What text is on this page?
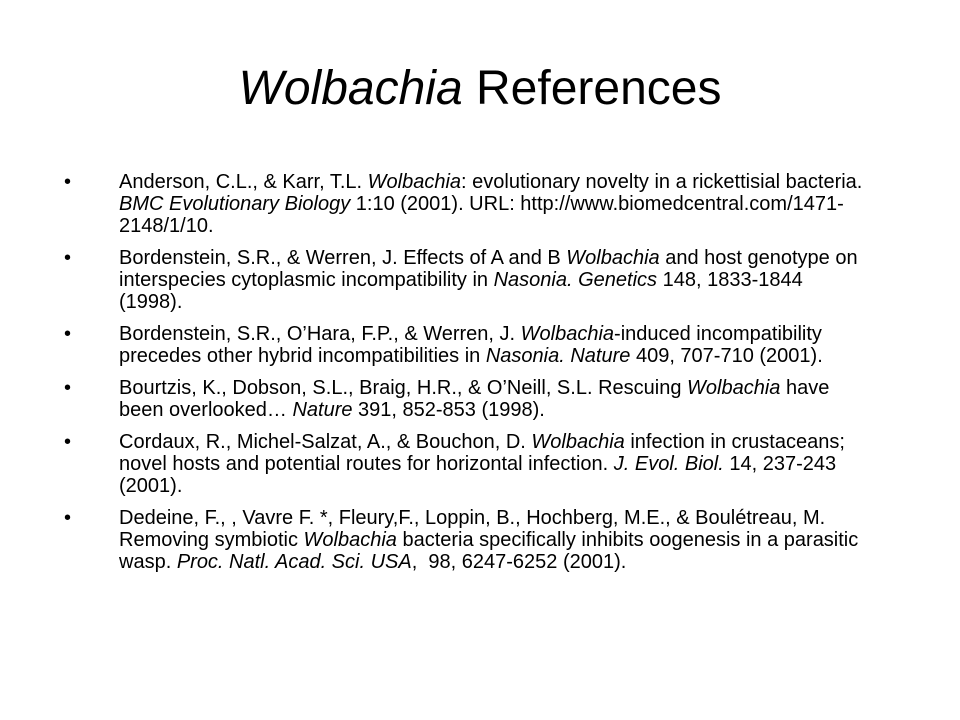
Wolbachia References
• Anderson, C.L., & Karr, T.L. Wolbachia: evolutionary novelty in a rickettisial bacteria. BMC Evolutionary Biology 1:10 (2001). URL: http://www.biomedcentral.com/1471-2148/1/10.
• Bordenstein, S.R., & Werren, J. Effects of A and B Wolbachia and host genotype on interspecies cytoplasmic incompatibility in Nasonia. Genetics 148, 1833-1844 (1998).
• Bordenstein, S.R., O’Hara, F.P., & Werren, J. Wolbachia-induced incompatibility precedes other hybrid incompatibilities in Nasonia. Nature 409, 707-710 (2001).
• Bourtzis, K., Dobson, S.L., Braig, H.R., & O’Neill, S.L. Rescuing Wolbachia have been overlooked… Nature 391, 852-853 (1998).
• Cordaux, R., Michel-Salzat, A., & Bouchon, D. Wolbachia infection in crustaceans; novel hosts and potential routes for horizontal infection. J. Evol. Biol. 14, 237-243 (2001).
• Dedeine, F., , Vavre F. *, Fleury,F., Loppin, B., Hochberg, M.E., & Boulétreau, M. Removing symbiotic Wolbachia bacteria specifically inhibits oogenesis in a parasitic wasp. Proc. Natl. Acad. Sci. USA,  98, 6247-6252 (2001).
